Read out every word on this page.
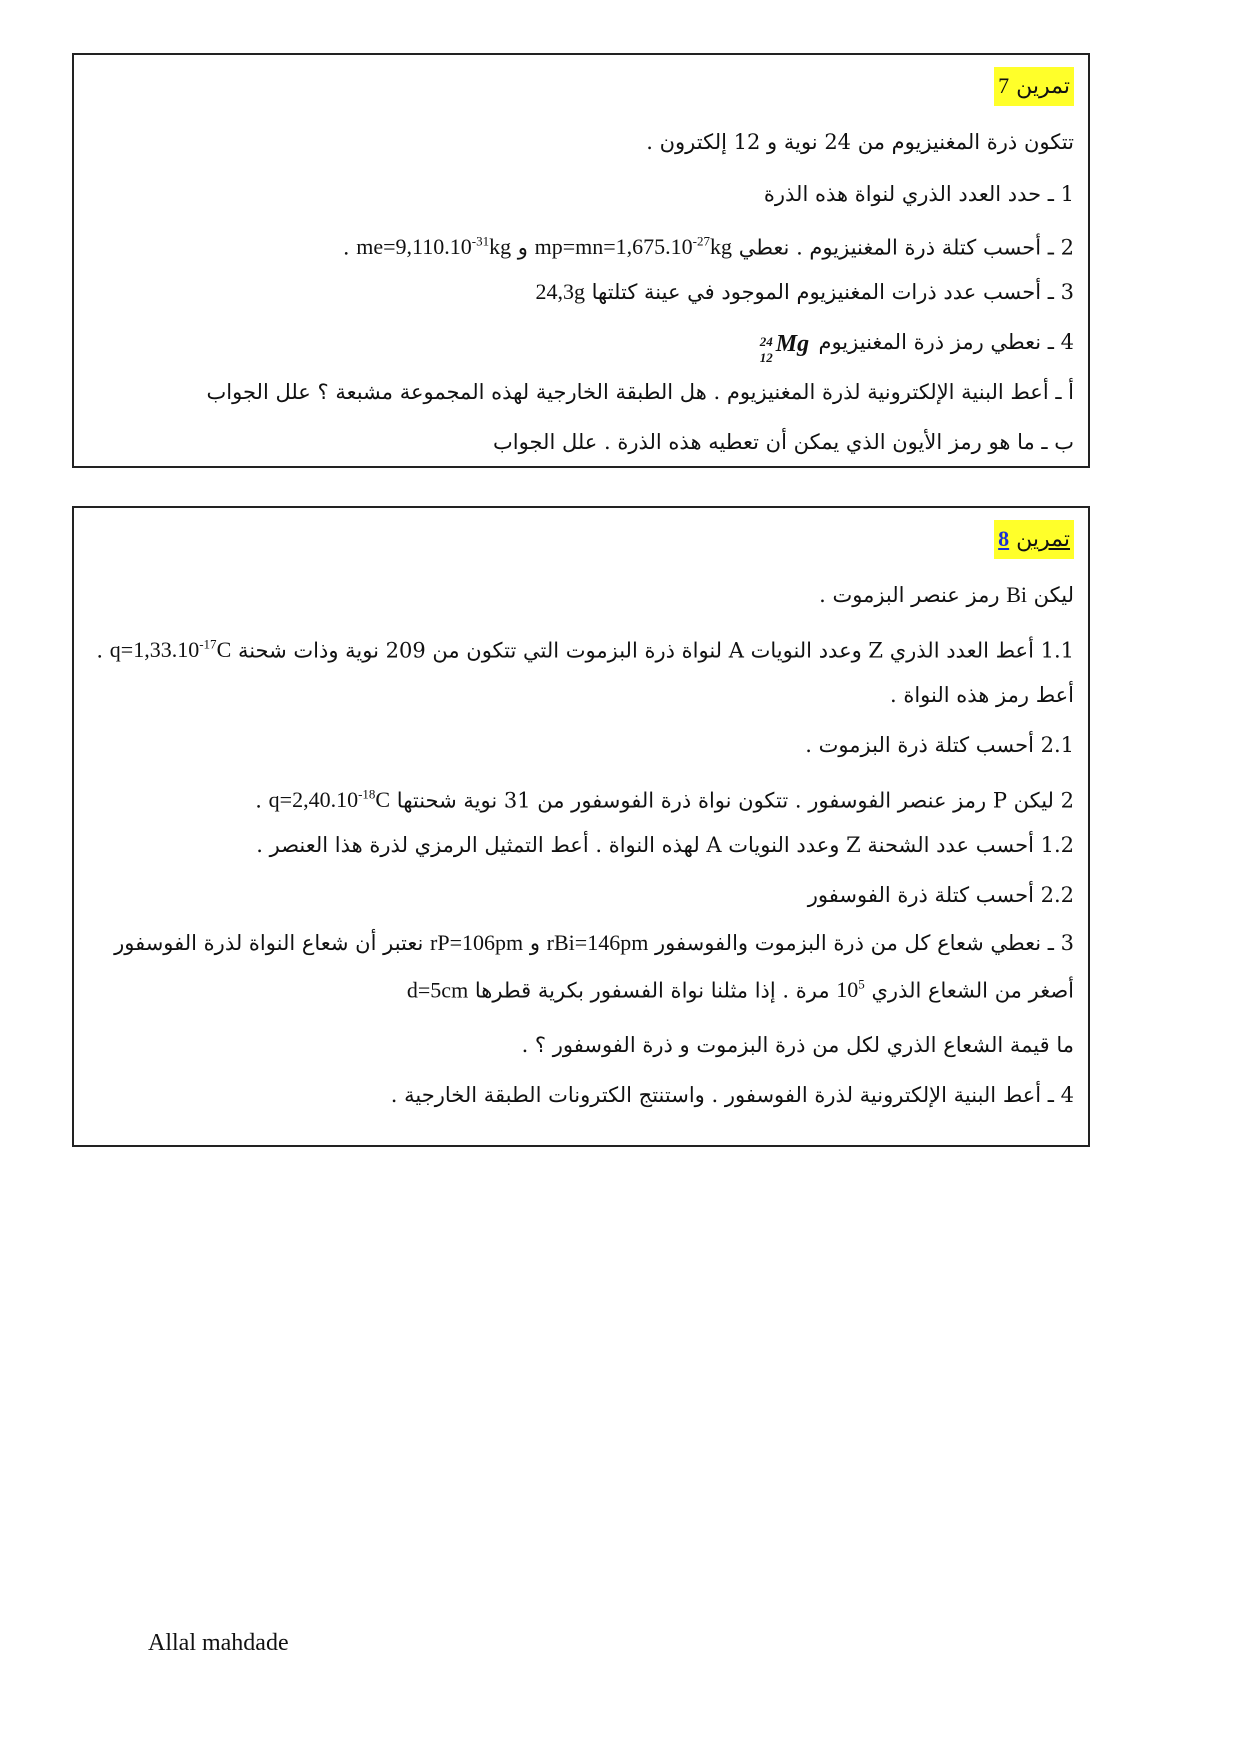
تمرين 7
تتكون ذرة المغنيزيوم من 24 نوية و 12 إلكترون .
1 ـ حدد العدد الذري لنواة هذه الذرة
2 ـ أحسب كتلة ذرة المغنيزيوم . نعطي $mp=mn=1,675.10^{-27}kg$ و $me=9,110.10^{-31}kg$ .
3 ـ أحسب عدد ذرات المغنيزيوم الموجود في عينة كتلتها 24,3g
4 ـ نعطي رمز ذرة المغنيزيوم
24
12
Mg
أ ـ أعط البنية الإلكترونية لذرة المغنيزيوم . هل الطبقة الخارجية لهذه المجموعة مشبعة ؟ علل الجواب
ب ـ ما هو رمز الأيون الذي يمكن أن تعطيه هذه الذرة . علل الجواب
تمرين 8
ليكن Bi رمز عنصر البزموت .
1.1 أعط العدد الذري Z وعدد النويات A لنواة ذرة البزموت التي تتكون من 209 نوية وذات شحنة $q=1,33.10^{-17}C$ .
أعط رمز هذه النواة .
2.1 أحسب كتلة ذرة البزموت .
2 ليكن P رمز عنصر الفوسفور . تتكون نواة ذرة الفوسفور من 31 نوية شحنتها $q=2,40.10^{-18}C$ .
1.2 أحسب عدد الشحنة Z وعدد النويات A لهذه النواة . أعط التمثيل الرمزي لذرة هذا العنصر .
2.2 أحسب كتلة ذرة الفوسفور
3 ـ نعطي شعاع كل من ذرة البزموت والفوسفور rBi=146pm و rP=106pm نعتبر أن شعاع النواة لذرة الفوسفور أصغر من الشعاع الذري $10^5$ مرة . إذا مثلنا نواة الفسفور بكرية قطرها d=5cm
ما قيمة الشعاع الذري لكل من ذرة البزموت و ذرة الفوسفور ؟ .
4 ـ أعط البنية الإلكترونية لذرة الفوسفور . واستنتج الكترونات الطبقة الخارجية .
Allal mahdade
